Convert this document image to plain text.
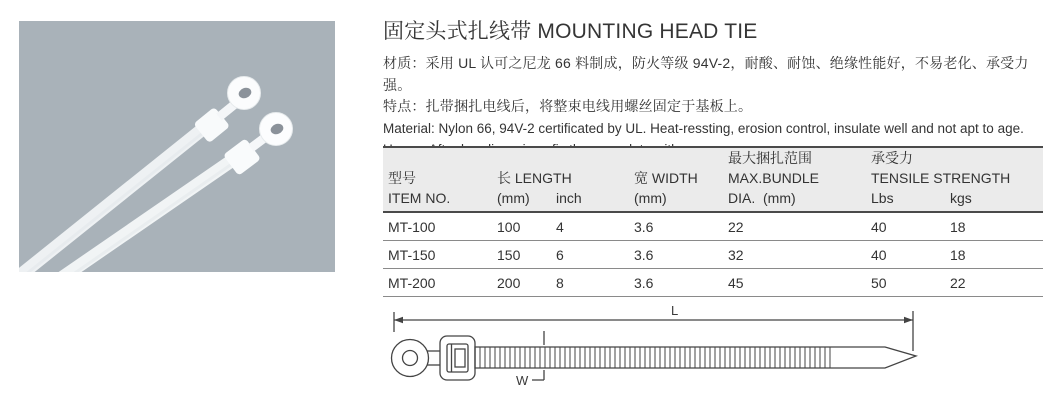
固定头式扎线带 MOUNTING HEAD TIE

材质：采用 UL 认可之尼龙 66 料制成，防火等级 94V-2，耐酸、耐蚀、绝缘性能好，不易老化、承受力强。

特点：扎带捆扎电线后，将整束电线用螺丝固定于基板上。

Material: Nylon 66, 94V-2 certificated by UL. Heat-ressting, erosion control, insulate well and not apt to age.

型号
ITEM NO.
长 LENGTH
(mm)	inch
宽 WIDTH
(mm)
最大捆扎范围
MAX.BUNDLE
DIA.  (mm)
承受力
TENSILE STRENGTH
Lbs	kgs
MT-100	100	4	3.6	22	40	18
MT-150	150	6	3.6	32	40	18
MT-200	200	8	3.6	45	50	22
L
W
